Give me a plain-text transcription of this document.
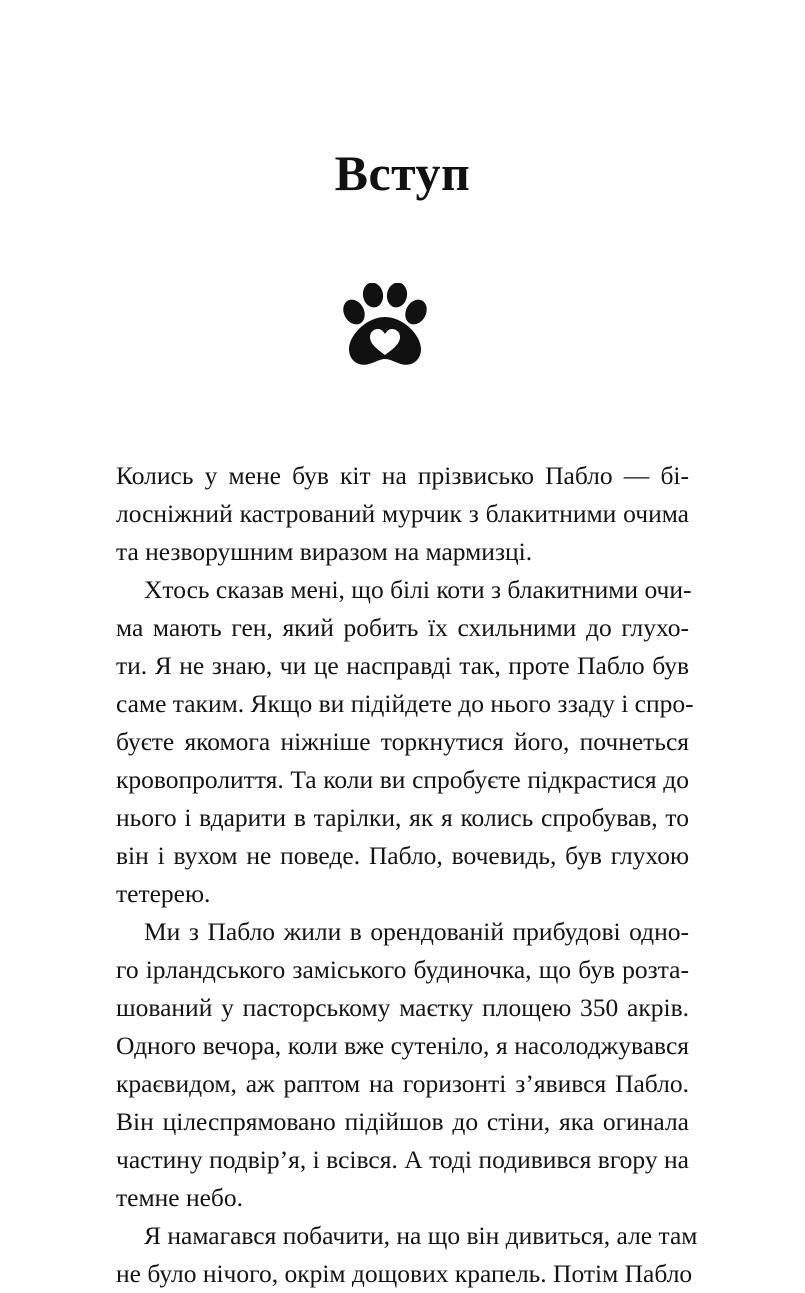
Вступ
Колись у мене був кіт на прізвисько Пабло — бі-
лосніжний кастрований мурчик з блакитними очима
та незворушним виразом на мармизці.
Хтось сказав мені, що білі коти з блакитними очи-
ма мають ген, який робить їх схильними до глухо-
ти. Я не знаю, чи це насправді так, проте Пабло був
саме таким. Якщо ви підійдете до нього ззаду і спро-
буєте якомога ніжніше торкнутися його, почнеться
кровопролиття. Та коли ви спробуєте підкрастися до
нього і вдарити в тарілки, як я колись спробував, то
він і вухом не поведе. Пабло, вочевидь, був глухою
тетерею.
Ми з Пабло жили в орендованій прибудові одно-
го ірландського заміського будиночка, що був розта-
шований у пасторському маєтку площею 350 акрів.
Одного вечора, коли вже сутеніло, я насолоджувався
краєвидом, аж раптом на горизонті з’явився Пабло.
Він цілеспрямовано підійшов до стіни, яка огинала
частину подвір’я, і всівся. А тоді подивився вгору на
темне небо.
Я намагався побачити, на що він дивиться, але там
не було нічого, окрім дощових крапель. Потім Пабло
